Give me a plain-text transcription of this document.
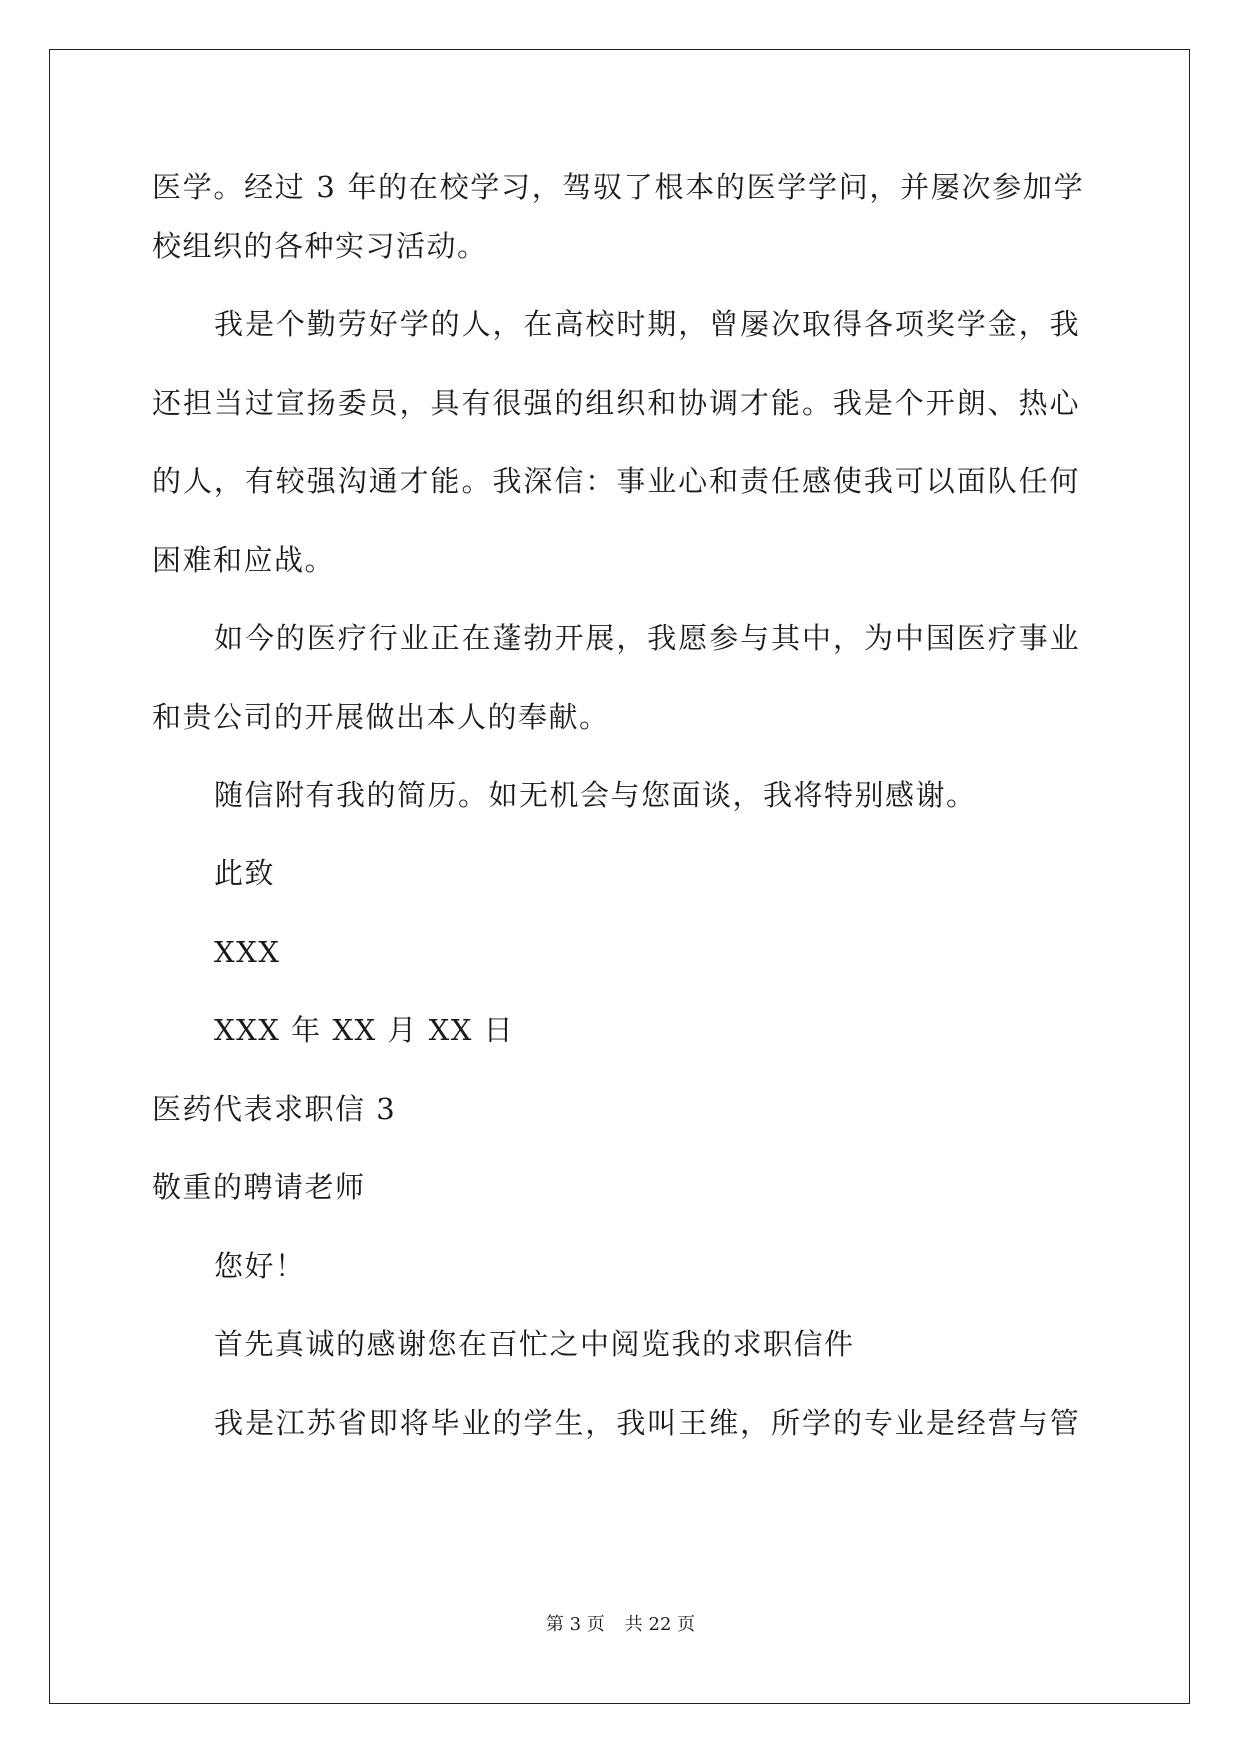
医学。经过 3 年的在校学习，驾驭了根本的医学学问，并屡次参加学

校组织的各种实习活动。

我是个勤劳好学的人，在高校时期，曾屡次取得各项奖学金，我

还担当过宣扬委员，具有很强的组织和协调才能。我是个开朗、热心

的人，有较强沟通才能。我深信：事业心和责任感使我可以面队任何

困难和应战。

如今的医疗行业正在蓬勃开展，我愿参与其中，为中国医疗事业

和贵公司的开展做出本人的奉献。

随信附有我的简历。如无机会与您面谈，我将特别感谢。

此致

XXX

XXX 年 XX 月 XX 日

医药代表求职信 3

敬重的聘请老师

您好！

首先真诚的感谢您在百忙之中阅览我的求职信件

我是江苏省即将毕业的学生，我叫王维，所学的专业是经营与管

第 3 页 共 22 页
